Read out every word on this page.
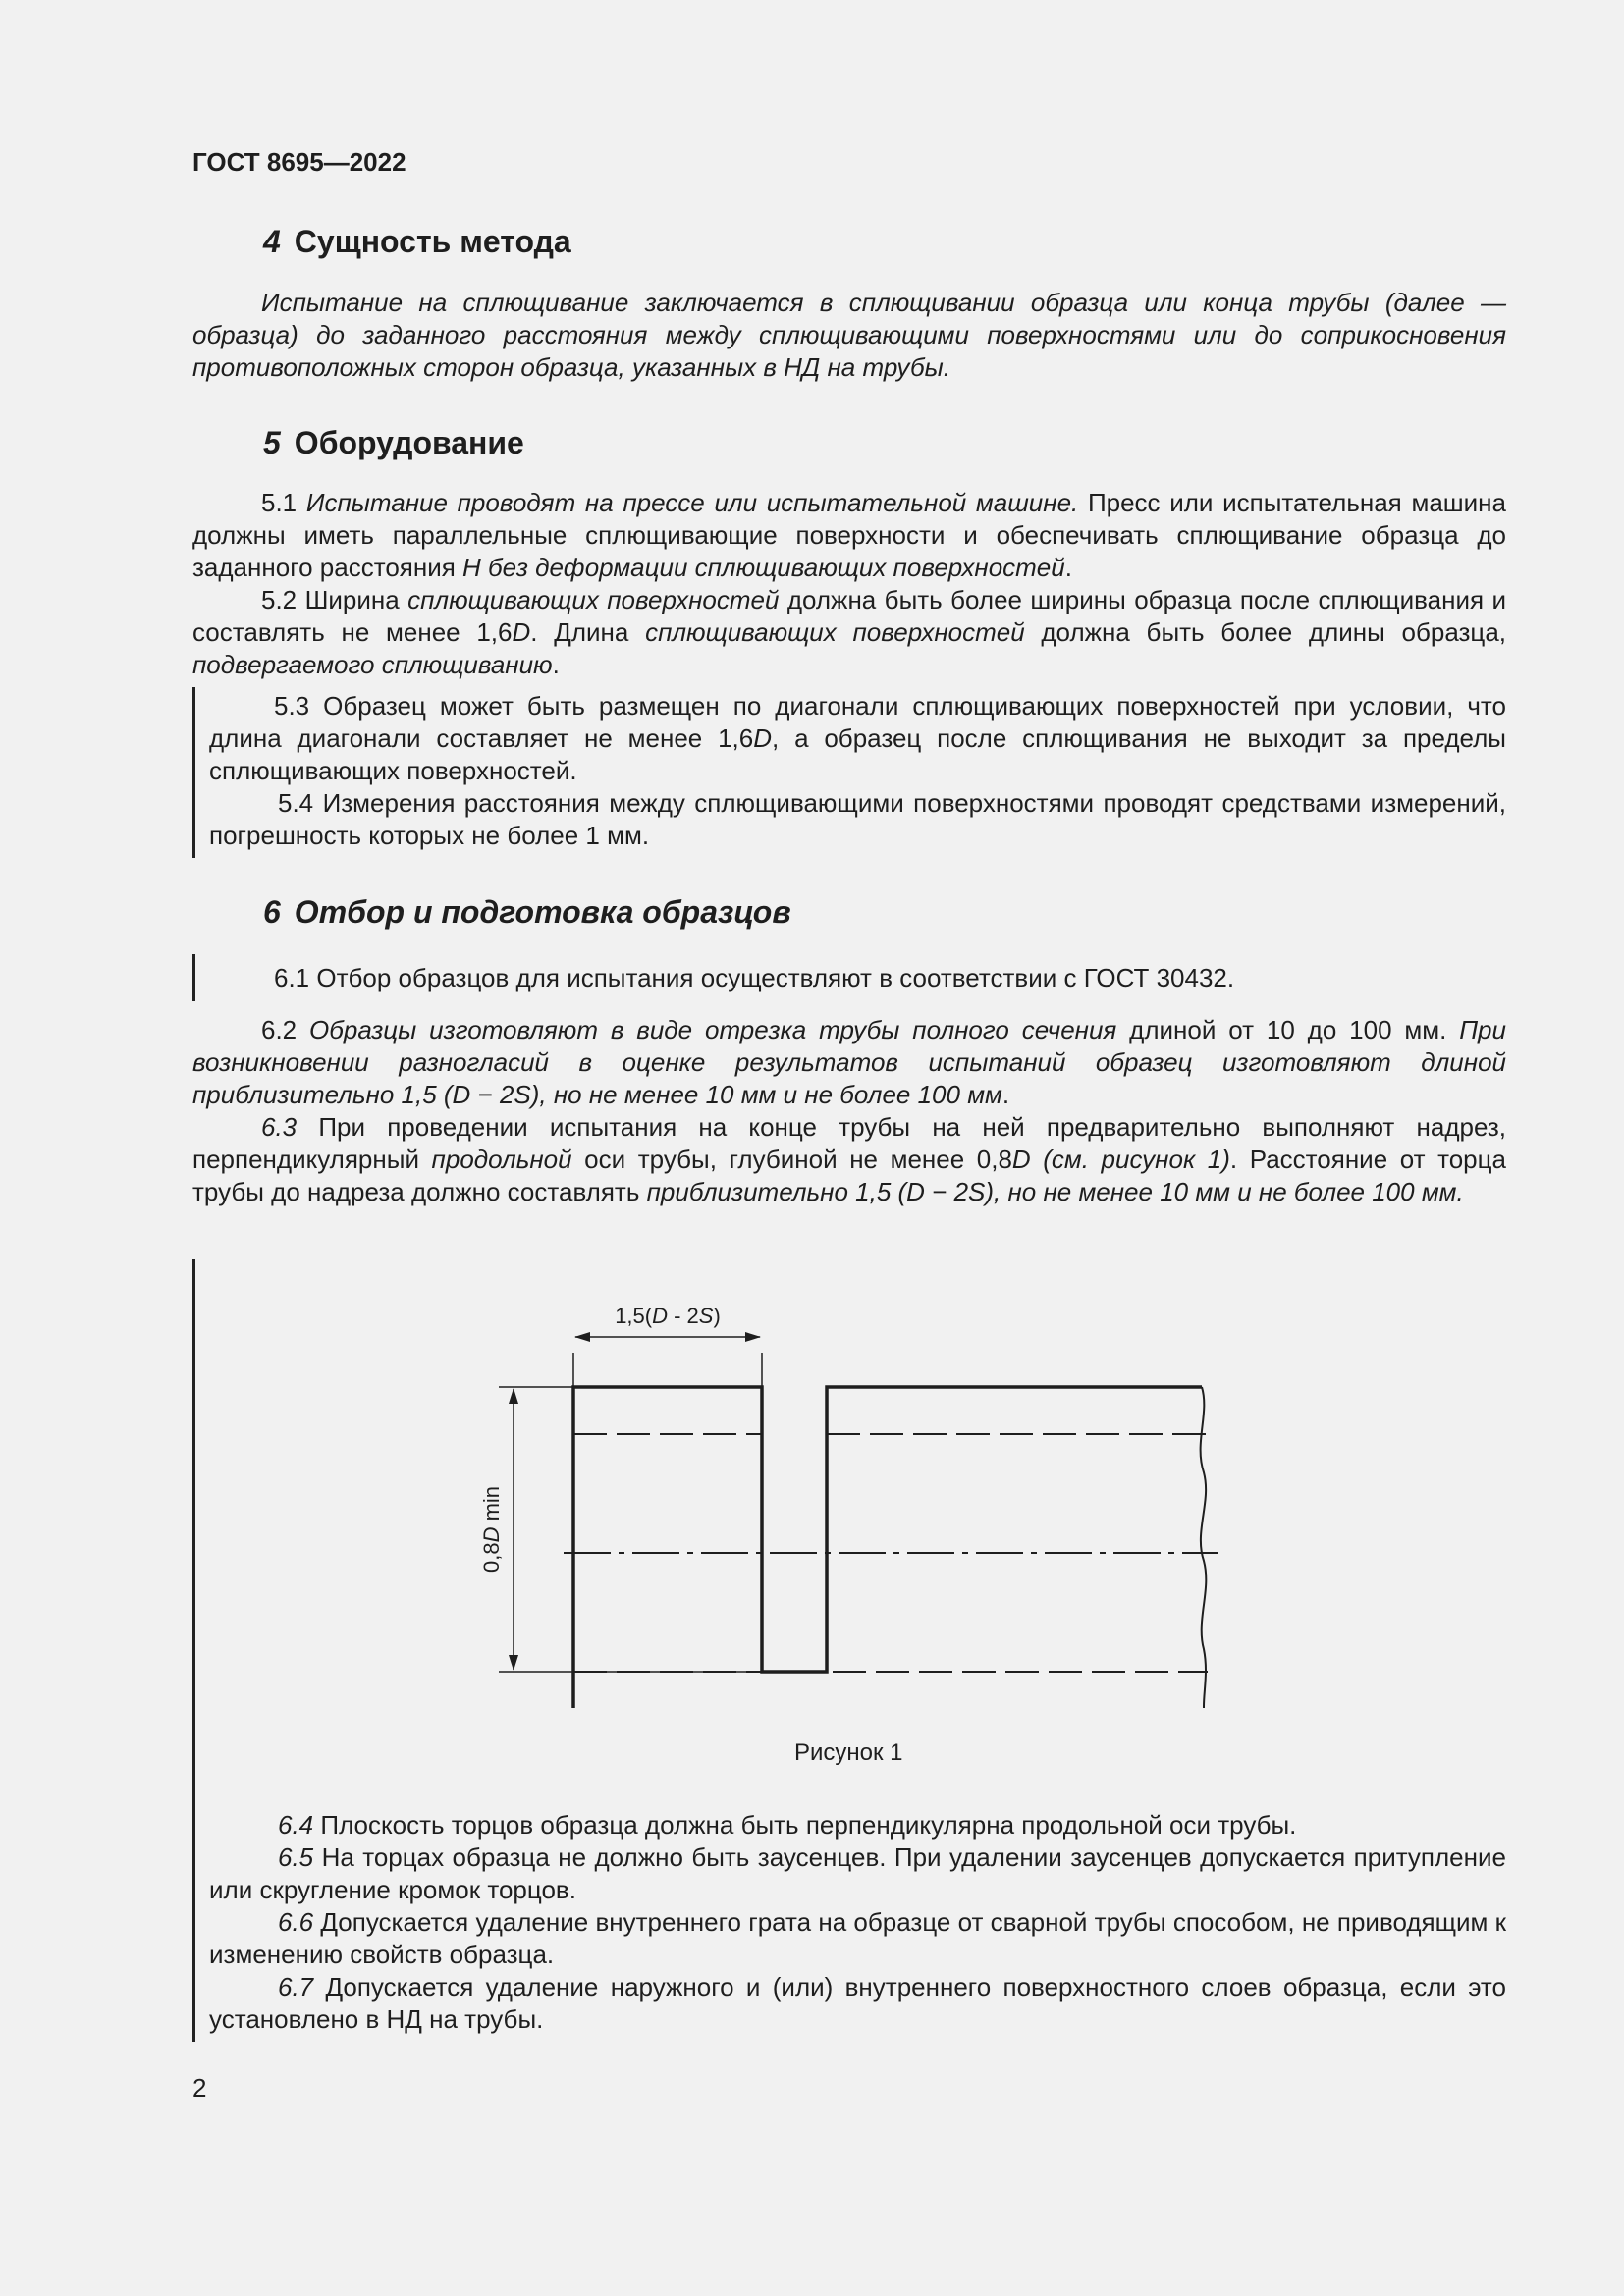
ГОСТ 8695—2022
4 Сущность метода

Испытание на сплющивание заключается в сплющивании образца или конца трубы (далее — образца) до заданного расстояния между сплющивающими поверхностями или до соприкосновения противоположных сторон образца, указанных в НД на трубы.

5 Оборудование

5.1 Испытание проводят на прессе или испытательной машине. Пресс или испытательная машина должны иметь параллельные сплющивающие поверхности и обеспечивать сплющивание образца до заданного расстояния H без деформации сплющивающих поверхностей.

5.2 Ширина сплющивающих поверхностей должна быть более ширины образца после сплющивания и составлять не менее 1,6D. Длина сплющивающих поверхностей должна быть более длины образца, подвергаемого сплющиванию.

5.3 Образец может быть размещен по диагонали сплющивающих поверхностей при условии, что длина диагонали составляет не менее 1,6D, а образец после сплющивания не выходит за пределы сплющивающих поверхностей.

5.4 Измерения расстояния между сплющивающими поверхностями проводят средствами измерений, погрешность которых не более 1 мм.

6 Отбор и подготовка образцов

6.1 Отбор образцов для испытания осуществляют в соответствии с ГОСТ 30432.

6.2 Образцы изготовляют в виде отрезка трубы полного сечения длиной от 10 до 100 мм. При возникновении разногласий в оценке результатов испытаний образец изготовляют длиной приблизительно 1,5 (D − 2S), но не менее 10 мм и не более 100 мм.

6.3 При проведении испытания на конце трубы на ней предварительно выполняют надрез, перпендикулярный продольной оси трубы, глубиной не менее 0,8D (см. рисунок 1). Расстояние от торца трубы до надреза должно составлять приблизительно 1,5 (D − 2S), но не менее 10 мм и не более 100 мм.

1,5(D - 2S)
0,8D min
Рисунок 1

6.4 Плоскость торцов образца должна быть перпендикулярна продольной оси трубы.

6.5 На торцах образца не должно быть заусенцев. При удалении заусенцев допускается притупление или скругление кромок торцов.

6.6 Допускается удаление внутреннего грата на образце от сварной трубы способом, не приводящим к изменению свойств образца.

6.7 Допускается удаление наружного и (или) внутреннего поверхностного слоев образца, если это установлено в НД на трубы.

2
